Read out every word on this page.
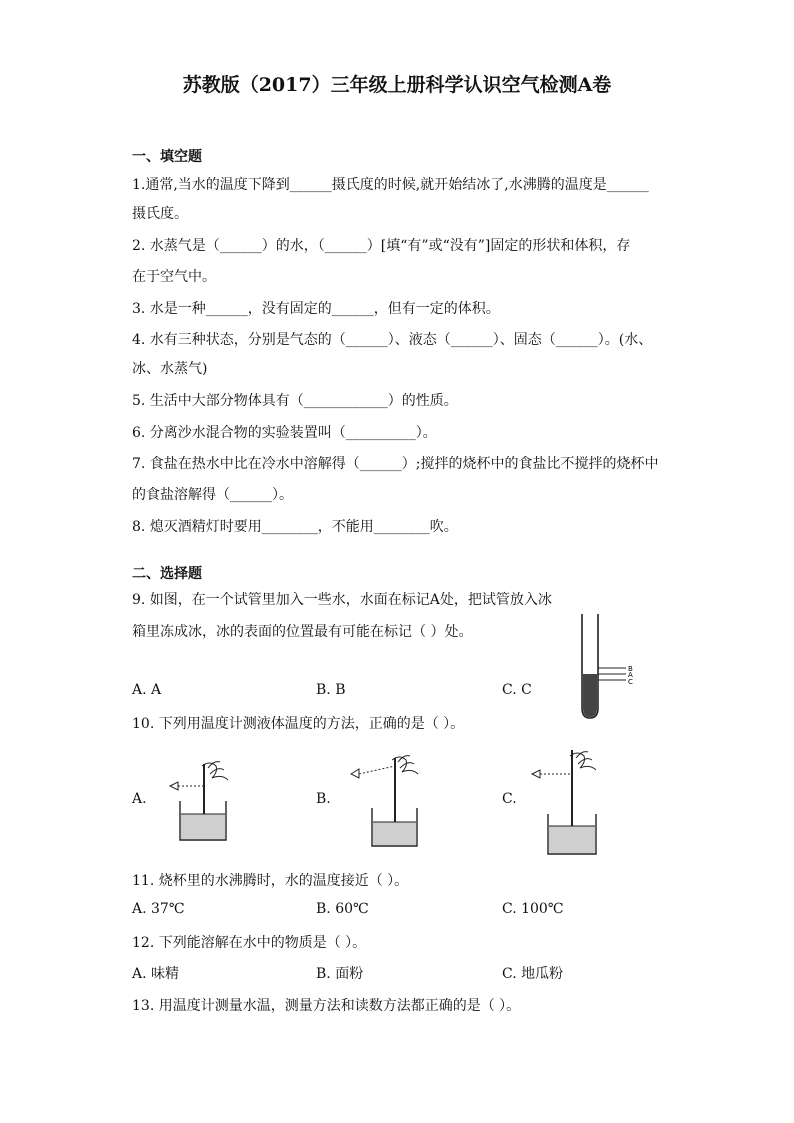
苏教版（2017）三年级上册科学认识空气检测A卷
一、填空题
1.通常,当水的温度下降到______摄氏度的时候,就开始结冰了,水沸腾的温度是______
摄氏度。
2. 水蒸气是（______）的水，（______）[填“有”或“没有”]固定的形状和体积，存
在于空气中。
3. 水是一种______，没有固定的______，但有一定的体积。
4. 水有三种状态，分别是气态的（______）、液态（______）、固态（______）。(水、
冰、水蒸气)
5. 生活中大部分物体具有（____________）的性质。
6. 分离沙水混合物的实验装置叫（__________）。
7. 食盐在热水中比在冷水中溶解得（______）;搅拌的烧杯中的食盐比不搅拌的烧杯中
的食盐溶解得（______）。
8. 熄灭酒精灯时要用________，不能用________吹。
二、选择题
9. 如图，在一个试管里加入一些水，水面在标记A处，把试管放入冰
箱里冻成冰，冰的表面的位置最有可能在标记（ ）处。
A. A	B. B	C. C
B
A
C
10. 下列用温度计测液体温度的方法，正确的是（ ）。
A.	B.	C.
11. 烧杯里的水沸腾时，水的温度接近（ ）。
A. 37℃	B. 60℃	C. 100℃
12. 下列能溶解在水中的物质是（ ）。
A. 味精	B. 面粉	C. 地瓜粉
13. 用温度计测量水温，测量方法和读数方法都正确的是（ ）。
